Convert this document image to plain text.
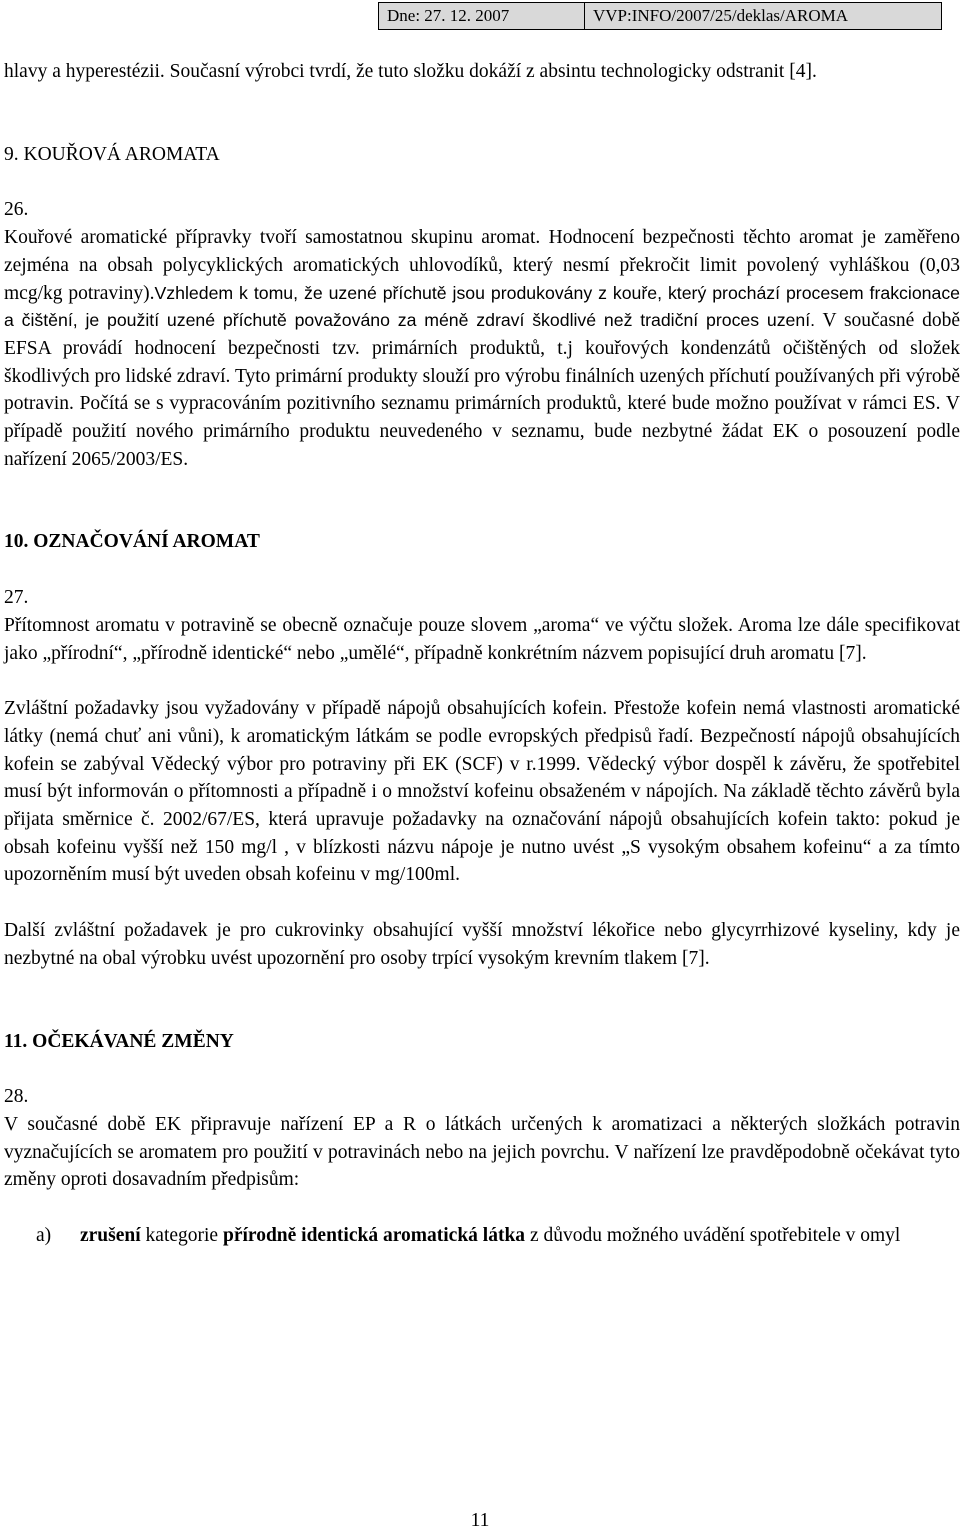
Dne: 27. 12. 2007	VVP:INFO/2007/25/deklas/AROMA

hlavy a hyperestézii. Současní výrobci tvrdí, že tuto složku dokáží z absintu technologicky odstranit [4].

9. KOUŘOVÁ AROMATA

26.

Kouřové aromatické přípravky tvoří samostatnou skupinu aromat. Hodnocení bezpečnosti těchto aromat je zaměřeno zejména na obsah polycyklických aromatických uhlovodíků, který nesmí překročit limit povolený vyhláškou (0,03 mcg/kg potraviny).Vzhledem k tomu, že uzené příchutě jsou produkovány z kouře, který prochází procesem frakcionace a čištění, je použití uzené příchutě považováno za méně zdraví škodlivé než tradiční proces uzení. V současné době EFSA provádí hodnocení bezpečnosti tzv. primárních produktů, t.j kouřových kondenzátů očištěných od složek škodlivých pro lidské zdraví. Tyto primární produkty slouží pro výrobu finálních uzených příchutí používaných při výrobě potravin. Počítá se s vypracováním pozitivního seznamu primárních produktů, které bude možno používat v rámci ES. V případě použití nového primárního produktu neuvedeného v seznamu, bude nezbytné žádat EK o posouzení podle nařízení 2065/2003/ES.

10. OZNAČOVÁNÍ AROMAT

27.

Přítomnost aromatu v potravině se obecně označuje pouze slovem „aroma“ ve výčtu složek. Aroma lze dále specifikovat jako „přírodní“, „přírodně identické“ nebo „umělé“, případně konkrétním názvem popisující druh aromatu [7].

Zvláštní požadavky jsou vyžadovány v případě nápojů obsahujících kofein. Přestože kofein nemá vlastnosti aromatické látky (nemá chuť ani vůni), k aromatickým látkám se podle evropských předpisů řadí. Bezpečností nápojů obsahujících kofein se zabýval Vědecký výbor pro potraviny při EK (SCF) v r.1999. Vědecký výbor dospěl k závěru, že spotřebitel musí být informován o přítomnosti a případně i o množství kofeinu obsaženém v nápojích. Na základě těchto závěrů byla přijata směrnice č. 2002/67/ES, která upravuje požadavky na označování nápojů obsahujících kofein takto: pokud je obsah kofeinu vyšší než 150 mg/l , v blízkosti názvu nápoje je nutno uvést „S vysokým obsahem kofeinu“ a za tímto upozorněním musí být uveden obsah kofeinu v mg/100ml.

Další zvláštní požadavek je pro cukrovinky obsahující vyšší množství lékořice nebo glycyrrhizové kyseliny, kdy je nezbytné na obal výrobku uvést upozornění pro osoby trpící vysokým krevním tlakem [7].

11. OČEKÁVANÉ ZMĚNY

28.

V současné době EK připravuje nařízení EP a R o látkách určených k aromatizaci a některých složkách potravin vyznačujících se aromatem pro použití v potravinách nebo na jejich povrchu. V nařízení lze pravděpodobně očekávat tyto změny oproti dosavadním předpisům:

a)	zrušení kategorie přírodně identická aromatická látka z důvodu možného uvádění spotřebitele v omyl
11
